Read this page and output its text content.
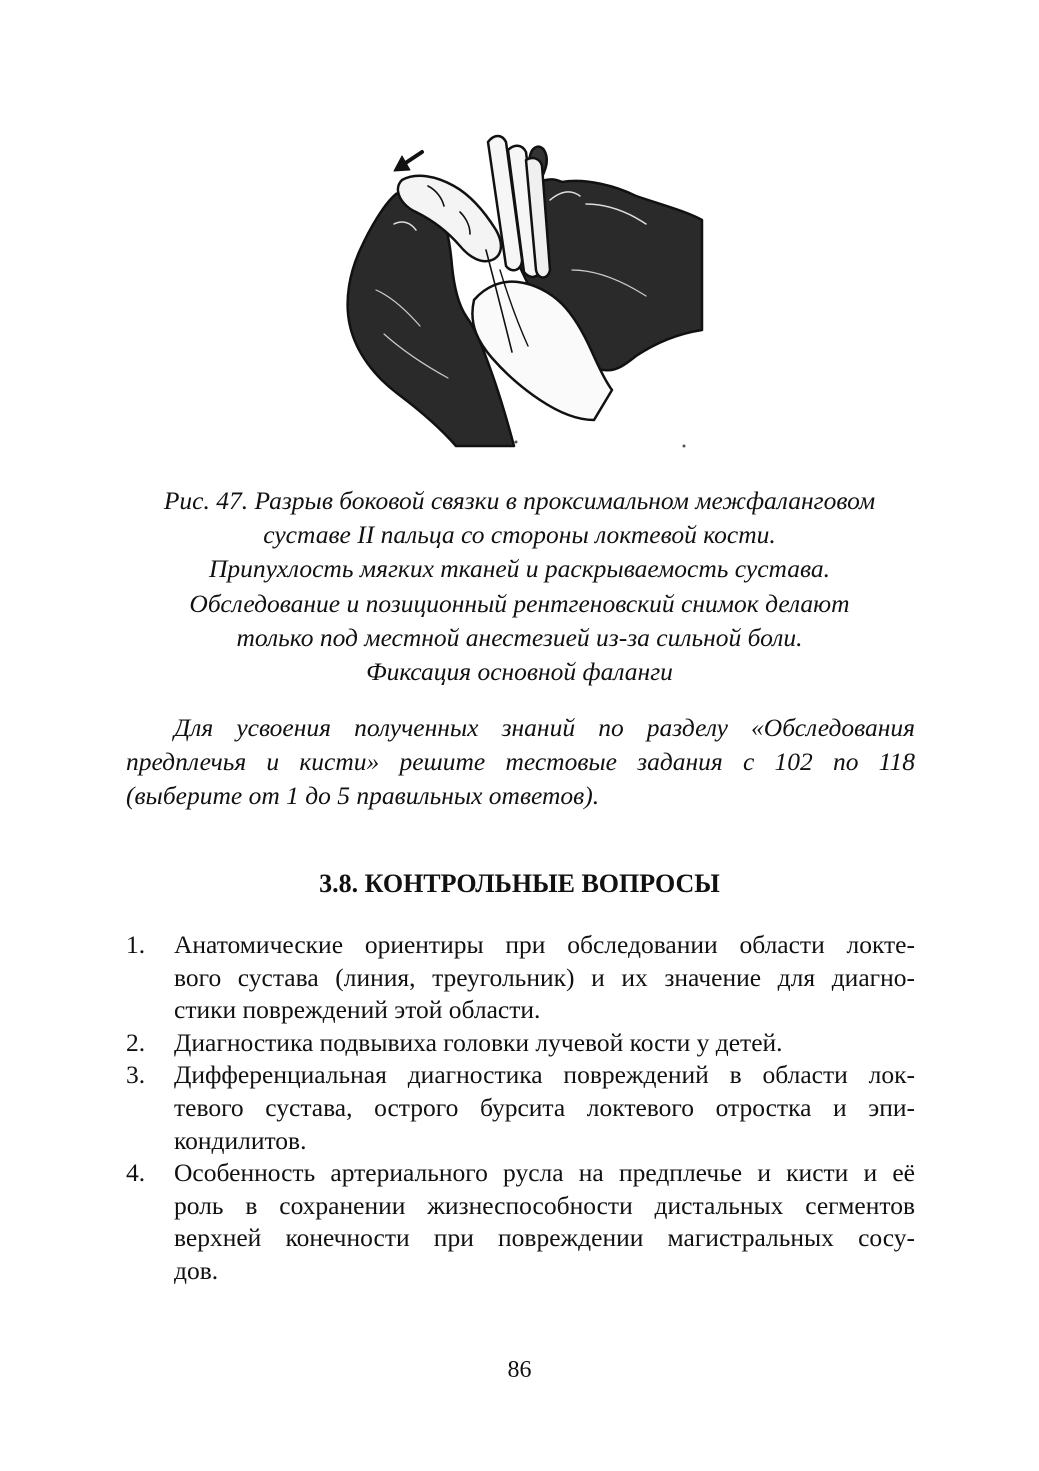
Рис. 47. Разрыв боковой связки в проксимальном межфаланговом
суставе II пальца со стороны локтевой кости.
Припухлость мягких тканей и раскрываемость сустава.
Обследование и позиционный рентгеновский снимок делают
только под местной анестезией из-за сильной боли.
Фиксация основной фаланги
Для усвоения полученных знаний по разделу «Обследования
предплечья и кисти» решите тестовые задания с 102 по 118
(выберите от 1 до 5 правильных ответов).
3.8. КОНТРОЛЬНЫЕ ВОПРОСЫ
1. Анатомические ориентиры при обследовании области локте-
вого сустава (линия, треугольник) и их значение для диагно-
стики повреждений этой области.
2. Диагностика подвывиха головки лучевой кости у детей.
3. Дифференциальная диагностика повреждений в области лок-
тевого сустава, острого бурсита локтевого отростка и эпи-
кондилитов.
4. Особенность артериального русла на предплечье и кисти и её
роль в сохранении жизнеспособности дистальных сегментов
верхней конечности при повреждении магистральных сосу-
дов.
86
